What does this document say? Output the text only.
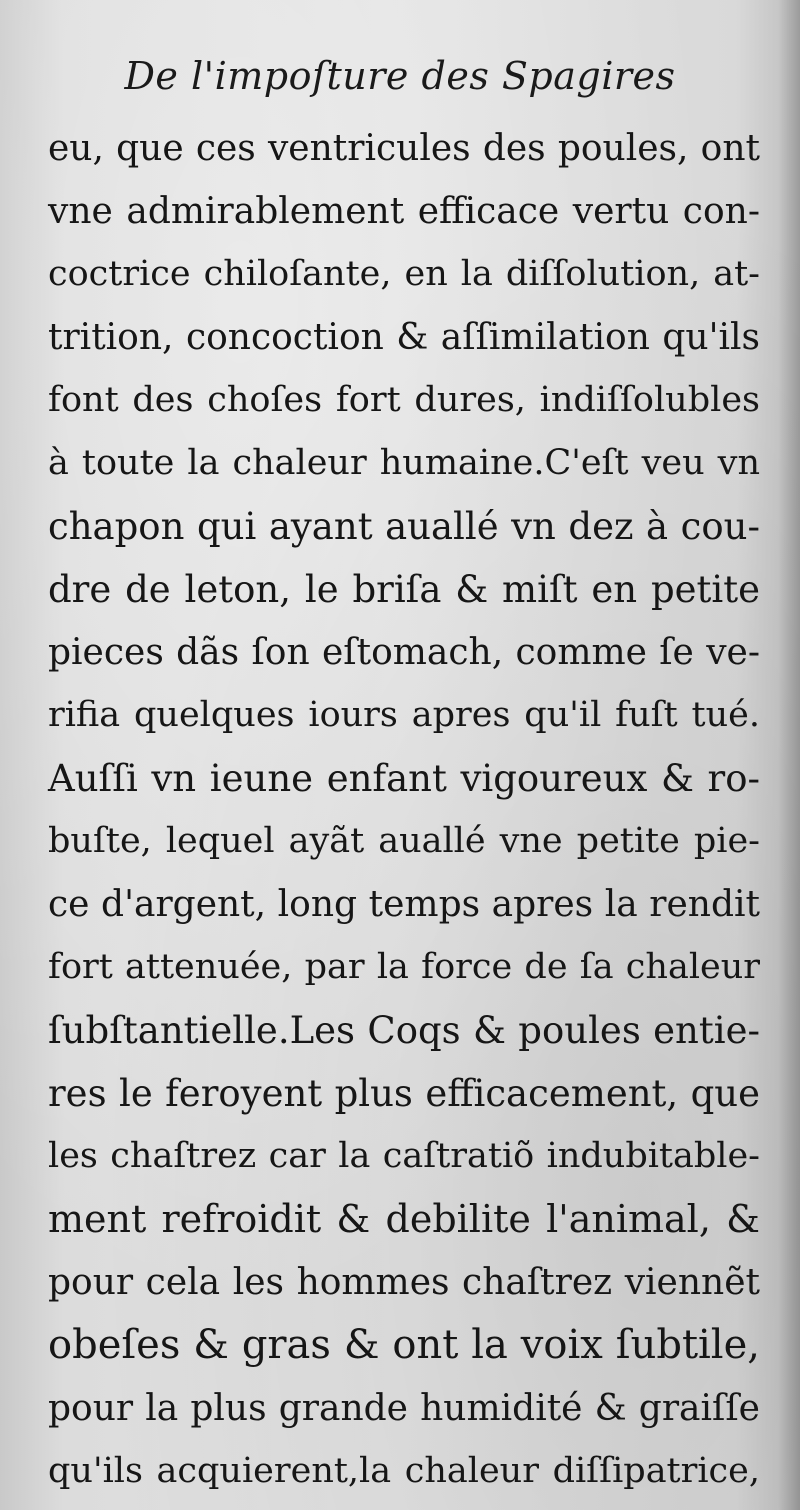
De l'impoſture des Spagires
eu, que ces ventricules des poules, ont
vne admirablement efficace vertu con-
coctrice chiloſante, en la diſſolution, at-
trition, concoction & aſſimilation qu'ils
font des choſes fort dures, indiſſolubles
à toute la chaleur humaine.C'eſt veu vn
chapon qui ayant auallé vn dez à cou-
dre de leton, le briſa & miſt en petite
pieces dãs ſon eſtomach, comme ſe ve-
rifia quelques iours apres qu'il fuſt tué.
Auſſi vn ieune enfant vigoureux & ro-
buſte, lequel ayãt auallé vne petite pie-
ce d'argent, long temps apres la rendit
fort attenuée, par la force de ſa chaleur
ſubſtantielle.Les Coqs & poules entie-
res le feroyent plus efficacement, que
les chaſtrez car la caſtratiõ indubitable-
ment refroidit & debilite l'animal, &
pour cela les hommes chaſtrez viennẽt
obeſes & gras & ont la voix ſubtile,
pour la plus grande humidité & graiſſe
qu'ils acquierent,la chaleur diſſipatrice,
